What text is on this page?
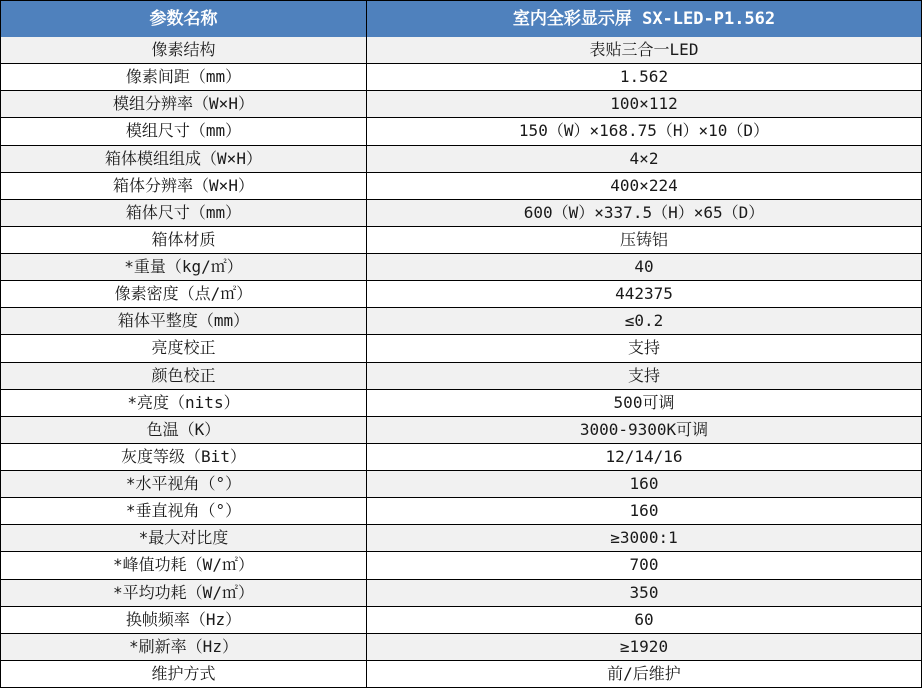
参数名称	室内全彩显示屏 SX-LED-P1.562
像素结构	表贴三合一LED
像素间距（mm）	1.562
模组分辨率（W×H）	100×112
模组尺寸（mm）	150（W）×168.75（H）×10（D）
箱体模组组成（W×H）	4×2
箱体分辨率（W×H）	400×224
箱体尺寸（mm）	600（W）×337.5（H）×65（D）
箱体材质	压铸铝
*重量（kg/㎡）	40
像素密度（点/㎡）	442375
箱体平整度（mm）	≤0.2
亮度校正	支持
颜色校正	支持
*亮度（nits）	500可调
色温（K）	3000-9300K可调
灰度等级（Bit）	12/14/16
*水平视角（°）	160
*垂直视角（°）	160
*最大对比度	≥3000:1
*峰值功耗（W/㎡）	700
*平均功耗（W/㎡）	350
换帧频率（Hz）	60
*刷新率（Hz）	≥1920
维护方式	前/后维护
